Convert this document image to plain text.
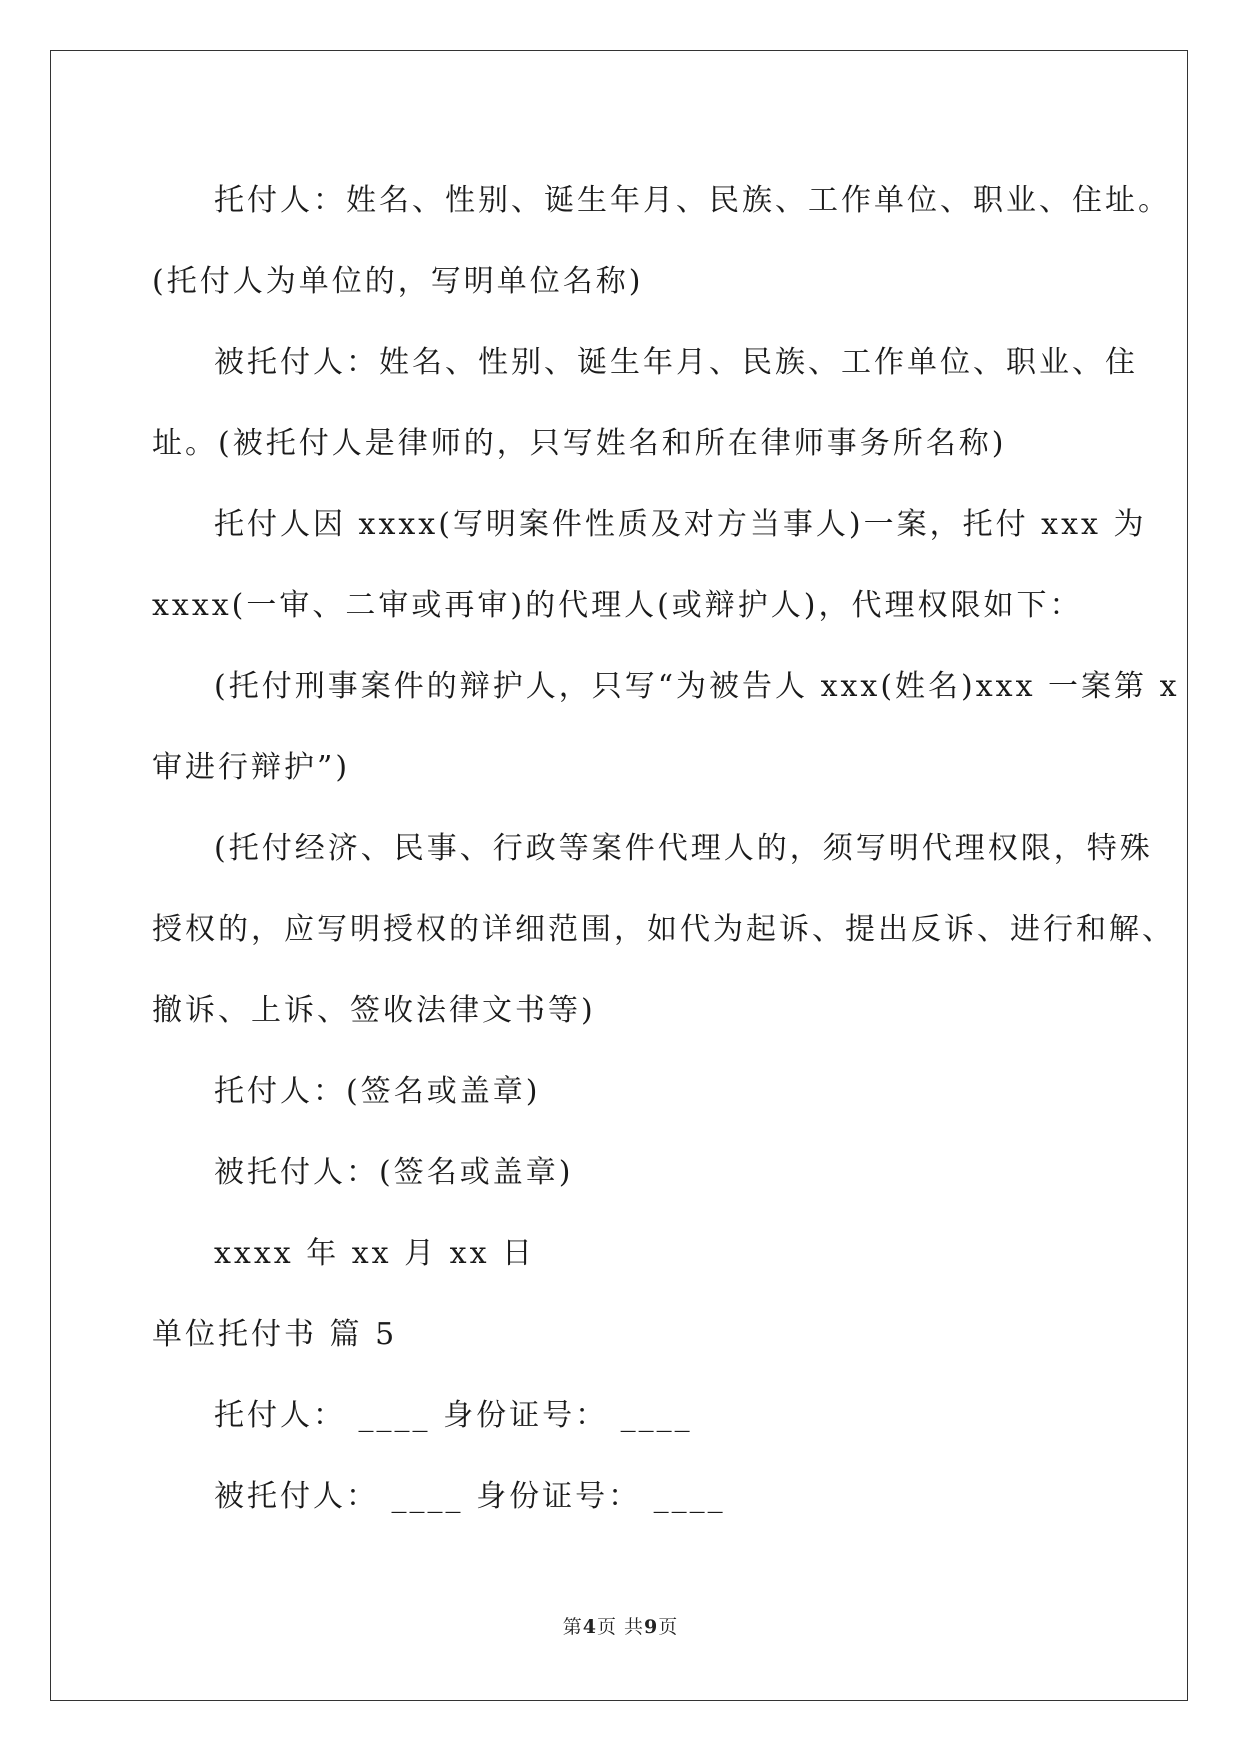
托付人：姓名、性别、诞生年月、民族、工作单位、职业、住址。
(托付人为单位的，写明单位名称)
被托付人：姓名、性别、诞生年月、民族、工作单位、职业、住
址。(被托付人是律师的，只写姓名和所在律师事务所名称)
托付人因 xxxx(写明案件性质及对方当事人)一案，托付 xxx 为
xxxx(一审、二审或再审)的代理人(或辩护人)，代理权限如下：
(托付刑事案件的辩护人，只写“为被告人 xxx(姓名)xxx 一案第 x
审进行辩护”)
(托付经济、民事、行政等案件代理人的，须写明代理权限，特殊
授权的，应写明授权的详细范围，如代为起诉、提出反诉、进行和解、
撤诉、上诉、签收法律文书等)
托付人：(签名或盖章)
被托付人：(签名或盖章)
xxxx 年 xx 月 xx 日
单位托付书 篇 5
托付人： ____ 身份证号： ____
被托付人： ____ 身份证号： ____
第4页 共9页
